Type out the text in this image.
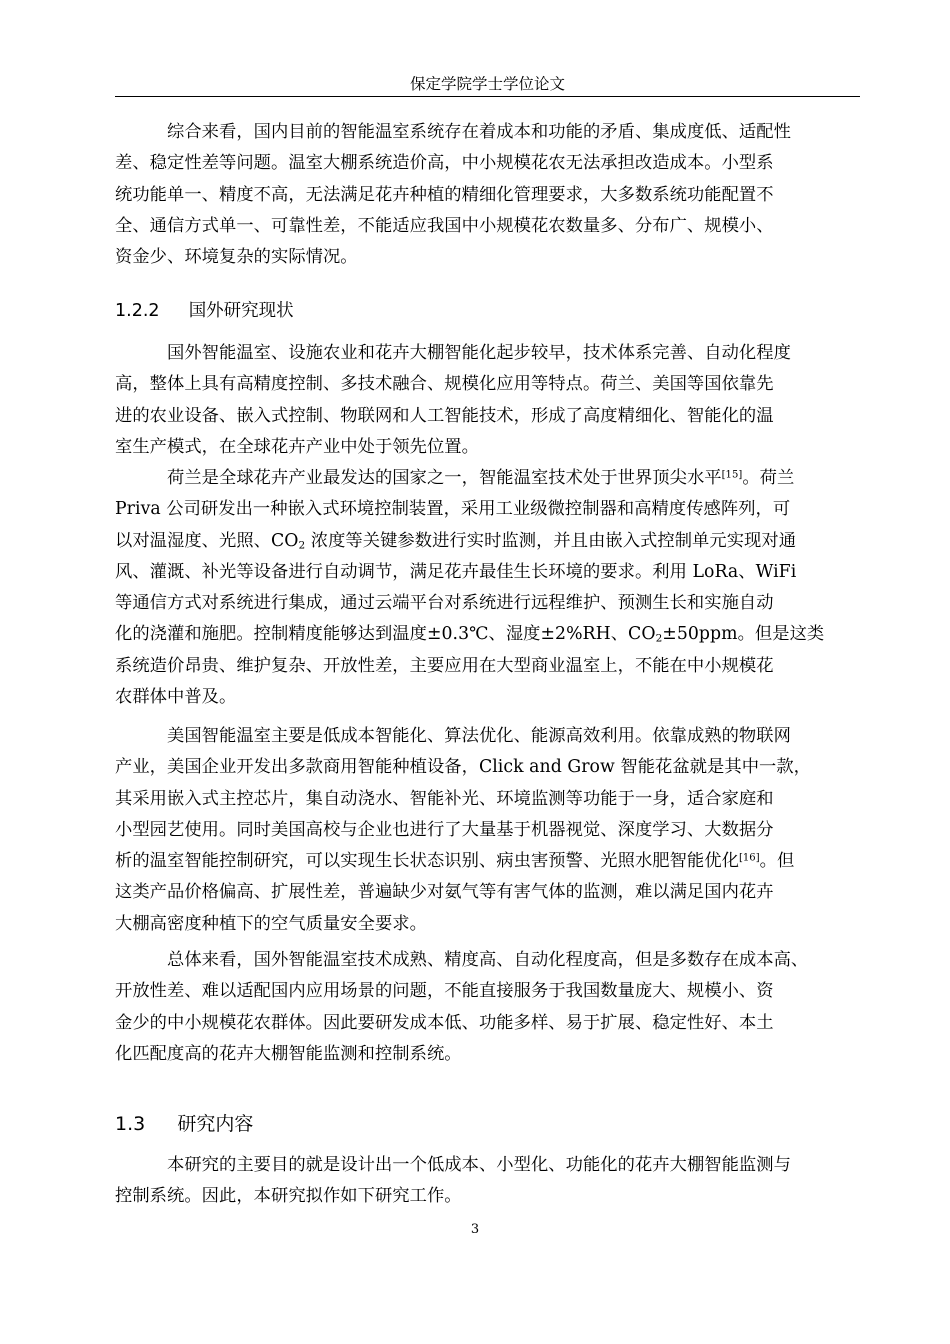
保定学院学士学位论文
综合来看，国内目前的智能温室系统存在着成本和功能的矛盾、集成度低、适配性
差、稳定性差等问题。温室大棚系统造价高，中小规模花农无法承担改造成本。小型系
统功能单一、精度不高，无法满足花卉种植的精细化管理要求，大多数系统功能配置不
全、通信方式单一、可靠性差，不能适应我国中小规模花农数量多、分布广、规模小、
资金少、环境复杂的实际情况。
1.2.2 国外研究现状
国外智能温室、设施农业和花卉大棚智能化起步较早，技术体系完善、自动化程度
高，整体上具有高精度控制、多技术融合、规模化应用等特点。荷兰、美国等国依靠先
进的农业设备、嵌入式控制、物联网和人工智能技术，形成了高度精细化、智能化的温
室生产模式，在全球花卉产业中处于领先位置。
荷兰是全球花卉产业最发达的国家之一，智能温室技术处于世界顶尖水平[15]。荷兰
Priva 公司研发出一种嵌入式环境控制装置，采用工业级微控制器和高精度传感阵列，可
以对温湿度、光照、$CO_2$ 浓度等关键参数进行实时监测，并且由嵌入式控制单元实现对通
风、灌溉、补光等设备进行自动调节，满足花卉最佳生长环境的要求。利用 LoRa、WiFi
等通信方式对系统进行集成，通过云端平台对系统进行远程维护、预测生长和实施自动
化的浇灌和施肥。控制精度能够达到温度±0.3℃、湿度±2%RH、$CO_2\pm 50ppm$。但是这类
系统造价昂贵、维护复杂、开放性差，主要应用在大型商业温室上，不能在中小规模花
农群体中普及。
美国智能温室主要是低成本智能化、算法优化、能源高效利用。依靠成熟的物联网
产业，美国企业开发出多款商用智能种植设备，Click and Grow 智能花盆就是其中一款，
其采用嵌入式主控芯片，集自动浇水、智能补光、环境监测等功能于一身，适合家庭和
小型园艺使用。同时美国高校与企业也进行了大量基于机器视觉、深度学习、大数据分
析的温室智能控制研究，可以实现生长状态识别、病虫害预警、光照水肥智能优化[16]。但
这类产品价格偏高、扩展性差，普遍缺少对氨气等有害气体的监测，难以满足国内花卉
大棚高密度种植下的空气质量安全要求。
总体来看，国外智能温室技术成熟、精度高、自动化程度高，但是多数存在成本高、
开放性差、难以适配国内应用场景的问题，不能直接服务于我国数量庞大、规模小、资
金少的中小规模花农群体。因此要研发成本低、功能多样、易于扩展、稳定性好、本土
化匹配度高的花卉大棚智能监测和控制系统。
1.3 研究内容
本研究的主要目的就是设计出一个低成本、小型化、功能化的花卉大棚智能监测与
控制系统。因此，本研究拟作如下研究工作。
3
